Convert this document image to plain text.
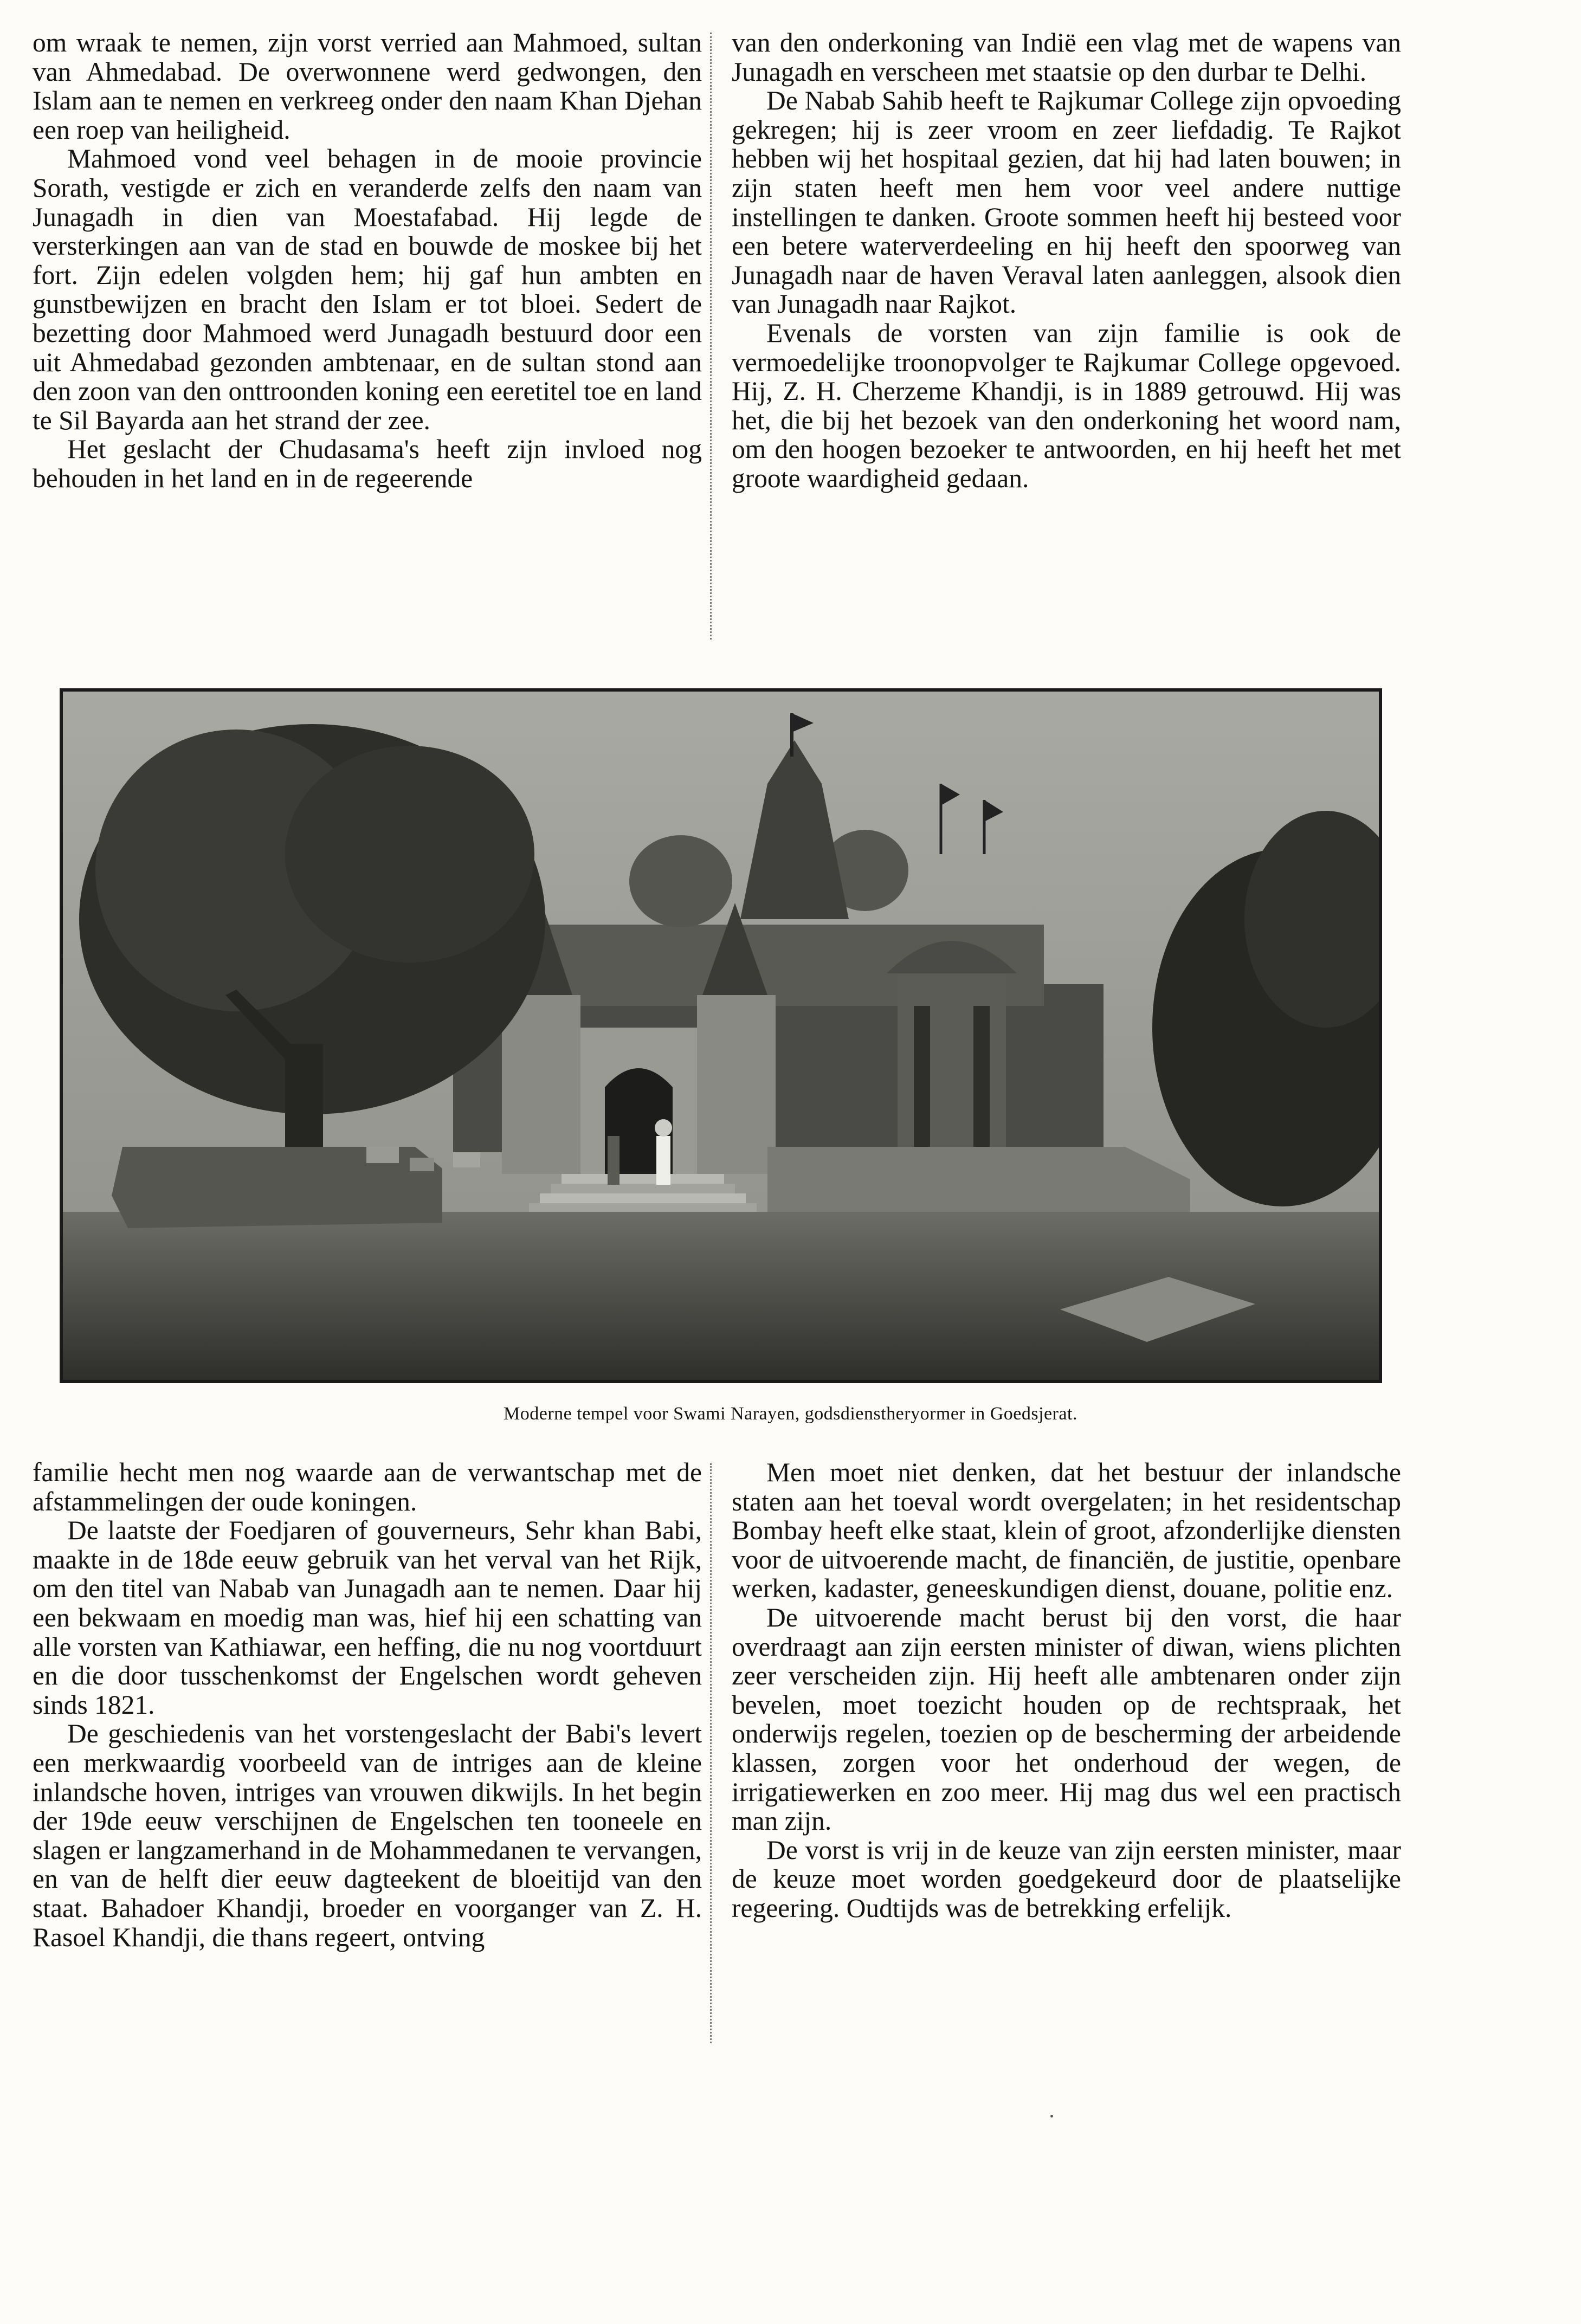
om wraak te nemen, zijn vorst verried aan Mahmoed, sultan van Ahmedabad. De overwonnene werd gedwongen, den Islam aan te nemen en verkreeg onder den naam Khan Djehan een roep van heiligheid.

Mahmoed vond veel behagen in de mooie provincie Sorath, vestigde er zich en veranderde zelfs den naam van Junagadh in dien van Moestafabad. Hij legde de versterkingen aan van de stad en bouwde de moskee bij het fort. Zijn edelen volgden hem; hij gaf hun ambten en gunstbewijzen en bracht den Islam er tot bloei. Sedert de bezetting door Mahmoed werd Junagadh bestuurd door een uit Ahmedabad gezonden ambtenaar, en de sultan stond aan den zoon van den onttroonden koning een eeretitel toe en land te Sil Bayarda aan het strand der zee.

Het geslacht der Chudasama's heeft zijn invloed nog behouden in het land en in de regeerende

van den onderkoning van Indië een vlag met de wapens van Junagadh en verscheen met staatsie op den durbar te Delhi.

De Nabab Sahib heeft te Rajkumar College zijn opvoeding gekregen; hij is zeer vroom en zeer liefdadig. Te Rajkot hebben wij het hospitaal gezien, dat hij had laten bouwen; in zijn staten heeft men hem voor veel andere nuttige instellingen te danken. Groote sommen heeft hij besteed voor een betere waterverdeeling en hij heeft den spoorweg van Junagadh naar de haven Veraval laten aanleggen, alsook dien van Junagadh naar Rajkot.

Evenals de vorsten van zijn familie is ook de vermoedelijke troonopvolger te Rajkumar College opgevoed. Hij, Z. H. Cherzeme Khandji, is in 1889 getrouwd. Hij was het, die bij het bezoek van den onderkoning het woord nam, om den hoogen bezoeker te antwoorden, en hij heeft het met groote waardigheid gedaan.

Moderne tempel voor Swami Narayen, godsdienstheryormer in Goedsjerat.

familie hecht men nog waarde aan de verwantschap met de afstammelingen der oude koningen.

De laatste der Foedjaren of gouverneurs, Sehr khan Babi, maakte in de 18de eeuw gebruik van het verval van het Rijk, om den titel van Nabab van Junagadh aan te nemen. Daar hij een bekwaam en moedig man was, hief hij een schatting van alle vorsten van Kathiawar, een heffing, die nu nog voortduurt en die door tusschenkomst der Engelschen wordt geheven sinds 1821.

De geschiedenis van het vorstengeslacht der Babi's levert een merkwaardig voorbeeld van de intriges aan de kleine inlandsche hoven, intriges van vrouwen dikwijls. In het begin der 19de eeuw verschijnen de Engelschen ten tooneele en slagen er langzamerhand in de Mohammedanen te vervangen, en van de helft dier eeuw dagteekent de bloeitijd van den staat. Bahadoer Khandji, broeder en voorganger van Z. H. Rasoel Khandji, die thans regeert, ontving

Men moet niet denken, dat het bestuur der inlandsche staten aan het toeval wordt overgelaten; in het residentschap Bombay heeft elke staat, klein of groot, afzonderlijke diensten voor de uitvoerende macht, de financiën, de justitie, openbare werken, kadaster, geneeskundigen dienst, douane, politie enz.

De uitvoerende macht berust bij den vorst, die haar overdraagt aan zijn eersten minister of diwan, wiens plichten zeer verscheiden zijn. Hij heeft alle ambtenaren onder zijn bevelen, moet toezicht houden op de rechtspraak, het onderwijs regelen, toezien op de bescherming der arbeidende klassen, zorgen voor het onderhoud der wegen, de irrigatiewerken en zoo meer. Hij mag dus wel een practisch man zijn.

De vorst is vrij in de keuze van zijn eersten minister, maar de keuze moet worden goedgekeurd door de plaatselijke regeering. Oudtijds was de betrekking erfelijk.
